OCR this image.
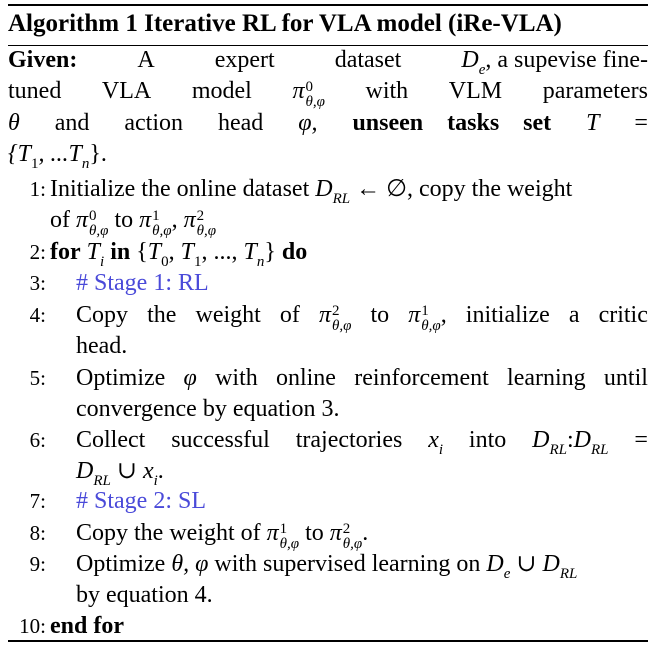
Algorithm 1 Iterative RL for VLA model (iRe-VLA)
Given:	A	expert	dataset	$D_e$, a supevise fine-
tuned VLA model π 0
θ,φ with VLM parameters
θ and action head φ, unseen tasks set T =
{$T_1$, $...T_n$}.
1: Initialize the online dataset $D_{RL}$ ← ∅, copy the weight
of π 0
θ,φ to π 1
θ,φ , π 2
θ,φ
2: for $T_i$ in {$T_0$, $T_1$, ..., $T_n$} do
3: # Stage 1: RL
4: Copy the weight of π 2
θ,φ to π 1
θ,φ , initialize a critic
head.
5: Optimize φ with online reinforcement learning until
convergence by equation 3.
6: Collect successful trajectories $x_i$ into $D_{RL}:D_{RL}$ =
$D_{RL}$ ∪ $x_i$.
7: # Stage 2: SL
8: Copy the weight of π 1
θ,φ to π 2
θ,φ .
9: Optimize θ, φ with supervised learning on $D_e$ ∪ $D_{RL}$
by equation 4.
10: end for
